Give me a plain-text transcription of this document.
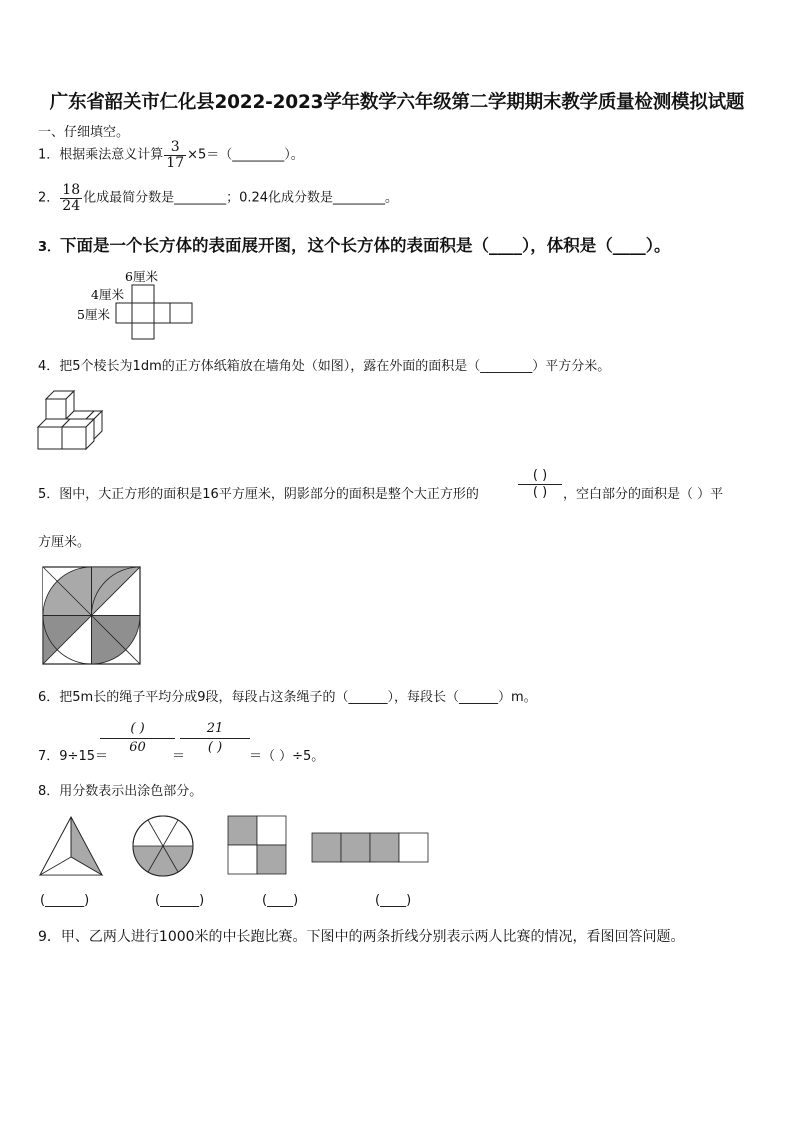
广东省韶关市仁化县2022-2023学年数学六年级第二学期期末教学质量检测模拟试题
一、仔细填空。
1．根据乘法意义计算 $\frac{3}{17}$ ×5＝（________）。
2． $\frac{18}{24}$ 化成最简分数是________；0.24化成分数是________。
3．下面是一个长方体的表面展开图，这个长方体的表面积是（____），体积是（____）。
6厘米
4厘米
5厘米
4．把5个棱长为1dm的正方体纸箱放在墙角处（如图），露在外面的面积是（________）平方分米。
5．图中，大正方形的面积是16平方厘米，阴影部分的面积是整个大正方形的
( )
( )	，空白部分的面积是（ ）平
方厘米。
6．把5m长的绳子平均分成9段，每段占这条绳子的（______），每段长（______）m。
7．9÷15＝
( )
60
＝
21
( )
＝（ ）÷5。
8．用分数表示出涂色部分。
(______)	(______)	(____)	(____)
9．甲、乙两人进行1000米的中长跑比赛。下图中的两条折线分别表示两人比赛的情况，看图回答问题。
